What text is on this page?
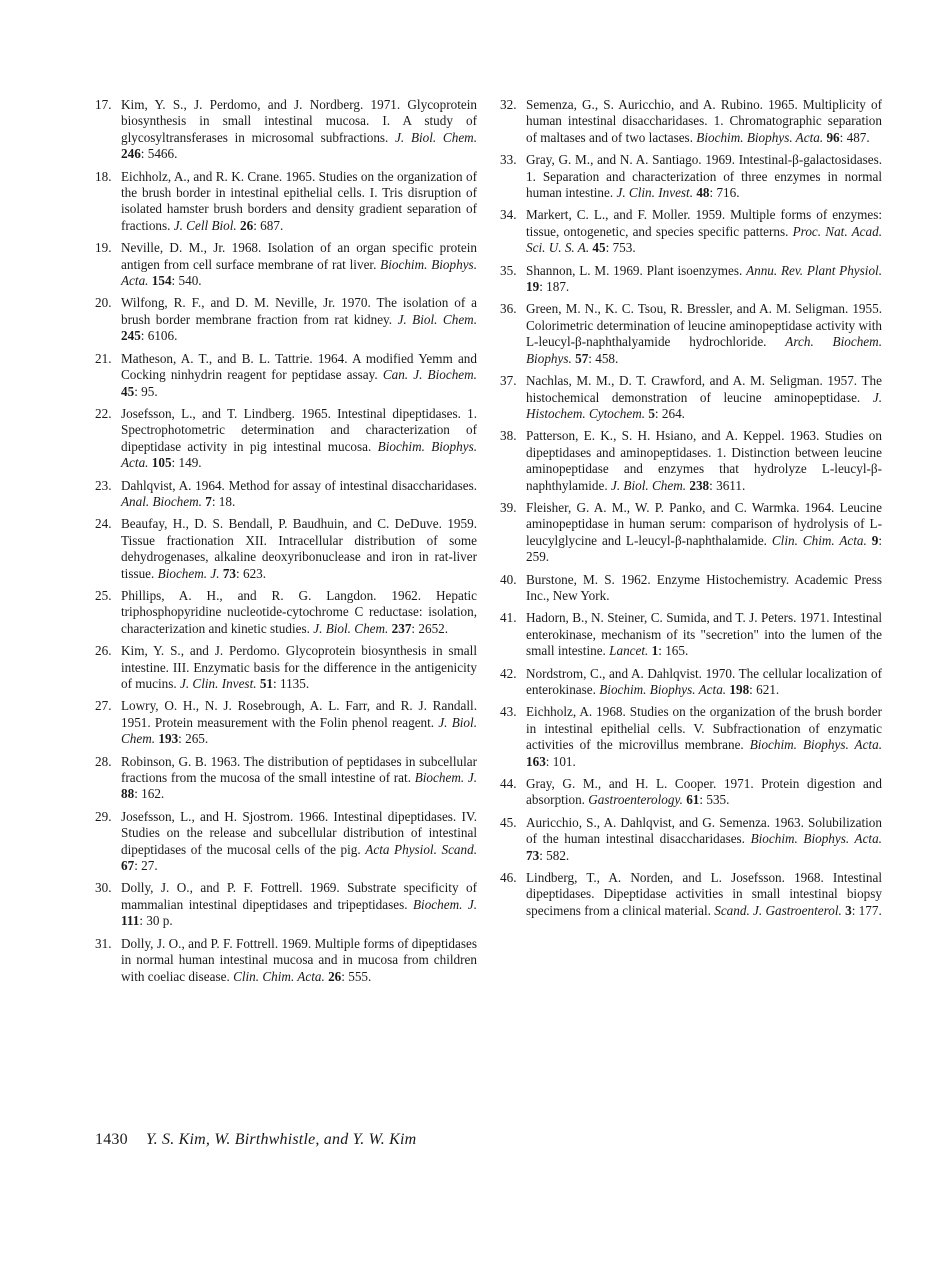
17. Kim, Y. S., J. Perdomo, and J. Nordberg. 1971. Glycoprotein biosynthesis in small intestinal mucosa. I. A study of glycosyltransferases in microsomal subfractions. J. Biol. Chem. 246: 5466.

18. Eichholz, A., and R. K. Crane. 1965. Studies on the organization of the brush border in intestinal epithelial cells. I. Tris disruption of isolated hamster brush borders and density gradient separation of fractions. J. Cell Biol. 26: 687.

19. Neville, D. M., Jr. 1968. Isolation of an organ specific protein antigen from cell surface membrane of rat liver. Biochim. Biophys. Acta. 154: 540.

20. Wilfong, R. F., and D. M. Neville, Jr. 1970. The isolation of a brush border membrane fraction from rat kidney. J. Biol. Chem. 245: 6106.

21. Matheson, A. T., and B. L. Tattrie. 1964. A modified Yemm and Cocking ninhydrin reagent for peptidase assay. Can. J. Biochem. 45: 95.

22. Josefsson, L., and T. Lindberg. 1965. Intestinal dipeptidases. 1. Spectrophotometric determination and characterization of dipeptidase activity in pig intestinal mucosa. Biochim. Biophys. Acta. 105: 149.

23. Dahlqvist, A. 1964. Method for assay of intestinal disaccharidases. Anal. Biochem. 7: 18.

24. Beaufay, H., D. S. Bendall, P. Baudhuin, and C. DeDuve. 1959. Tissue fractionation XII. Intracellular distribution of some dehydrogenases, alkaline deoxyribonuclease and iron in rat-liver tissue. Biochem. J. 73: 623.

25. Phillips, A. H., and R. G. Langdon. 1962. Hepatic triphosphopyridine nucleotide-cytochrome C reductase: isolation, characterization and kinetic studies. J. Biol. Chem. 237: 2652.

26. Kim, Y. S., and J. Perdomo. Glycoprotein biosynthesis in small intestine. III. Enzymatic basis for the difference in the antigenicity of mucins. J. Clin. Invest. 51: 1135.

27. Lowry, O. H., N. J. Rosebrough, A. L. Farr, and R. J. Randall. 1951. Protein measurement with the Folin phenol reagent. J. Biol. Chem. 193: 265.

28. Robinson, G. B. 1963. The distribution of peptidases in subcellular fractions from the mucosa of the small intestine of rat. Biochem. J. 88: 162.

29. Josefsson, L., and H. Sjostrom. 1966. Intestinal dipeptidases. IV. Studies on the release and subcellular distribution of intestinal dipeptidases of the mucosal cells of the pig. Acta Physiol. Scand. 67: 27.

30. Dolly, J. O., and P. F. Fottrell. 1969. Substrate specificity of mammalian intestinal dipeptidases and tripeptidases. Biochem. J. 111: 30 p.

31. Dolly, J. O., and P. F. Fottrell. 1969. Multiple forms of dipeptidases in normal human intestinal mucosa and in mucosa from children with coeliac disease. Clin. Chim. Acta. 26: 555.

32. Semenza, G., S. Auricchio, and A. Rubino. 1965. Multiplicity of human intestinal disaccharidases. 1. Chromatographic separation of maltases and of two lactases. Biochim. Biophys. Acta. 96: 487.

33. Gray, G. M., and N. A. Santiago. 1969. Intestinal-β-galactosidases. 1. Separation and characterization of three enzymes in normal human intestine. J. Clin. Invest. 48: 716.

34. Markert, C. L., and F. Moller. 1959. Multiple forms of enzymes: tissue, ontogenetic, and species specific patterns. Proc. Nat. Acad. Sci. U. S. A. 45: 753.

35. Shannon, L. M. 1969. Plant isoenzymes. Annu. Rev. Plant Physiol. 19: 187.

36. Green, M. N., K. C. Tsou, R. Bressler, and A. M. Seligman. 1955. Colorimetric determination of leucine aminopeptidase activity with L-leucyl-β-naphthalyamide hydrochloride. Arch. Biochem. Biophys. 57: 458.

37. Nachlas, M. M., D. T. Crawford, and A. M. Seligman. 1957. The histochemical demonstration of leucine aminopeptidase. J. Histochem. Cytochem. 5: 264.

38. Patterson, E. K., S. H. Hsiano, and A. Keppel. 1963. Studies on dipeptidases and aminopeptidases. 1. Distinction between leucine aminopeptidase and enzymes that hydrolyze L-leucyl-β-naphthylamide. J. Biol. Chem. 238: 3611.

39. Fleisher, G. A. M., W. P. Panko, and C. Warmka. 1964. Leucine aminopeptidase in human serum: comparison of hydrolysis of L-leucylglycine and L-leucyl-β-naphthalamide. Clin. Chim. Acta. 9: 259.

40. Burstone, M. S. 1962. Enzyme Histochemistry. Academic Press Inc., New York.

41. Hadorn, B., N. Steiner, C. Sumida, and T. J. Peters. 1971. Intestinal enterokinase, mechanism of its "secretion" into the lumen of the small intestine. Lancet. 1: 165.

42. Nordstrom, C., and A. Dahlqvist. 1970. The cellular localization of enterokinase. Biochim. Biophys. Acta. 198: 621.

43. Eichholz, A. 1968. Studies on the organization of the brush border in intestinal epithelial cells. V. Subfractionation of enzymatic activities of the microvillus membrane. Biochim. Biophys. Acta. 163: 101.

44. Gray, G. M., and H. L. Cooper. 1971. Protein digestion and absorption. Gastroenterology. 61: 535.

45. Auricchio, S., A. Dahlqvist, and G. Semenza. 1963. Solubilization of the human intestinal disaccharidases. Biochim. Biophys. Acta. 73: 582.

46. Lindberg, T., A. Norden, and L. Josefsson. 1968. Intestinal dipeptidases. Dipeptidase activities in small intestinal biopsy specimens from a clinical material. Scand. J. Gastroenterol. 3: 177.

1430 Y. S. Kim, W. Birthwhistle, and Y. W. Kim
